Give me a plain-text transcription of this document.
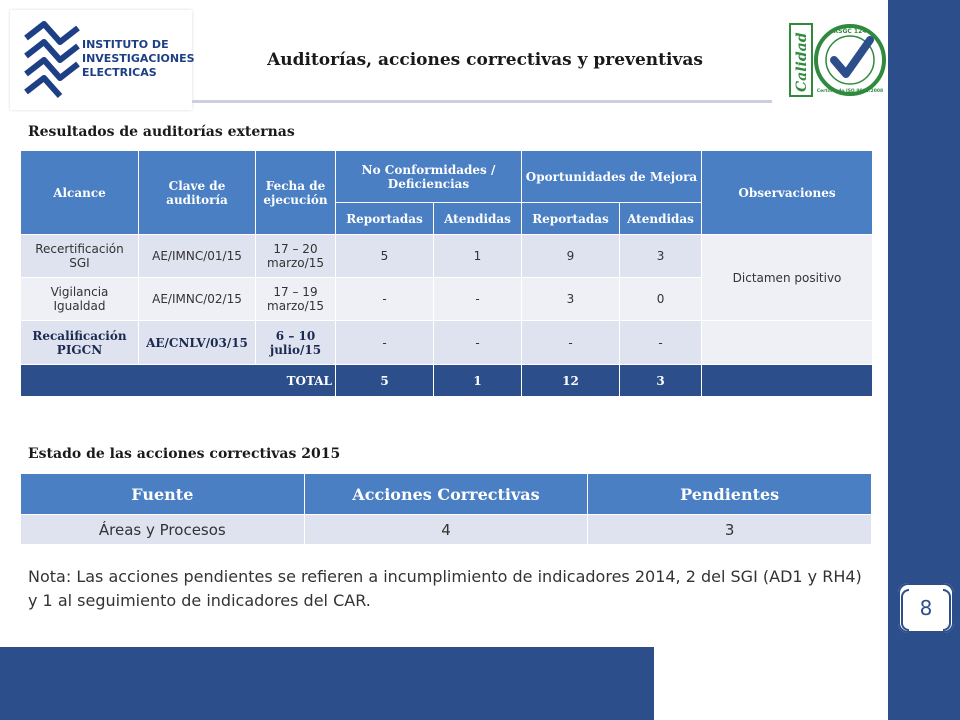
8
INSTITUTO DE
INVESTIGACIONES
ELECTRICAS
Auditorías, acciones correctivas y preventivas	Calidad
RSGC 124
Certificado ISO 9001:2008
Resultados de auditorías externas
Alcance	Clave de auditoría	Fecha de ejecución	No Conformidades / Deficiencias		Oportunidades de Mejora		Observaciones
			Reportadas	Atendidas	Reportadas	Atendidas	
Recertificación SGI	AE/IMNC/01/15	17 – 20 marzo/15	5	1	9	3	Dictamen positivo
Vigilancia Igualdad	AE/IMNC/02/15	17 – 19 marzo/15	-	-	3	0	
Recalificación PIGCN	AE/CNLV/03/15	6 – 10 julio/15	-	-	-	-	
TOTAL			5	1	12	3	
Estado de las acciones correctivas 2015
Fuente	Acciones Correctivas	Pendientes
Áreas y Procesos	4	3
Nota: Las acciones pendientes se refieren a incumplimiento de indicadores 2014, 2 del SGI (AD1 y RH4) y 1 al seguimiento de indicadores del CAR.
